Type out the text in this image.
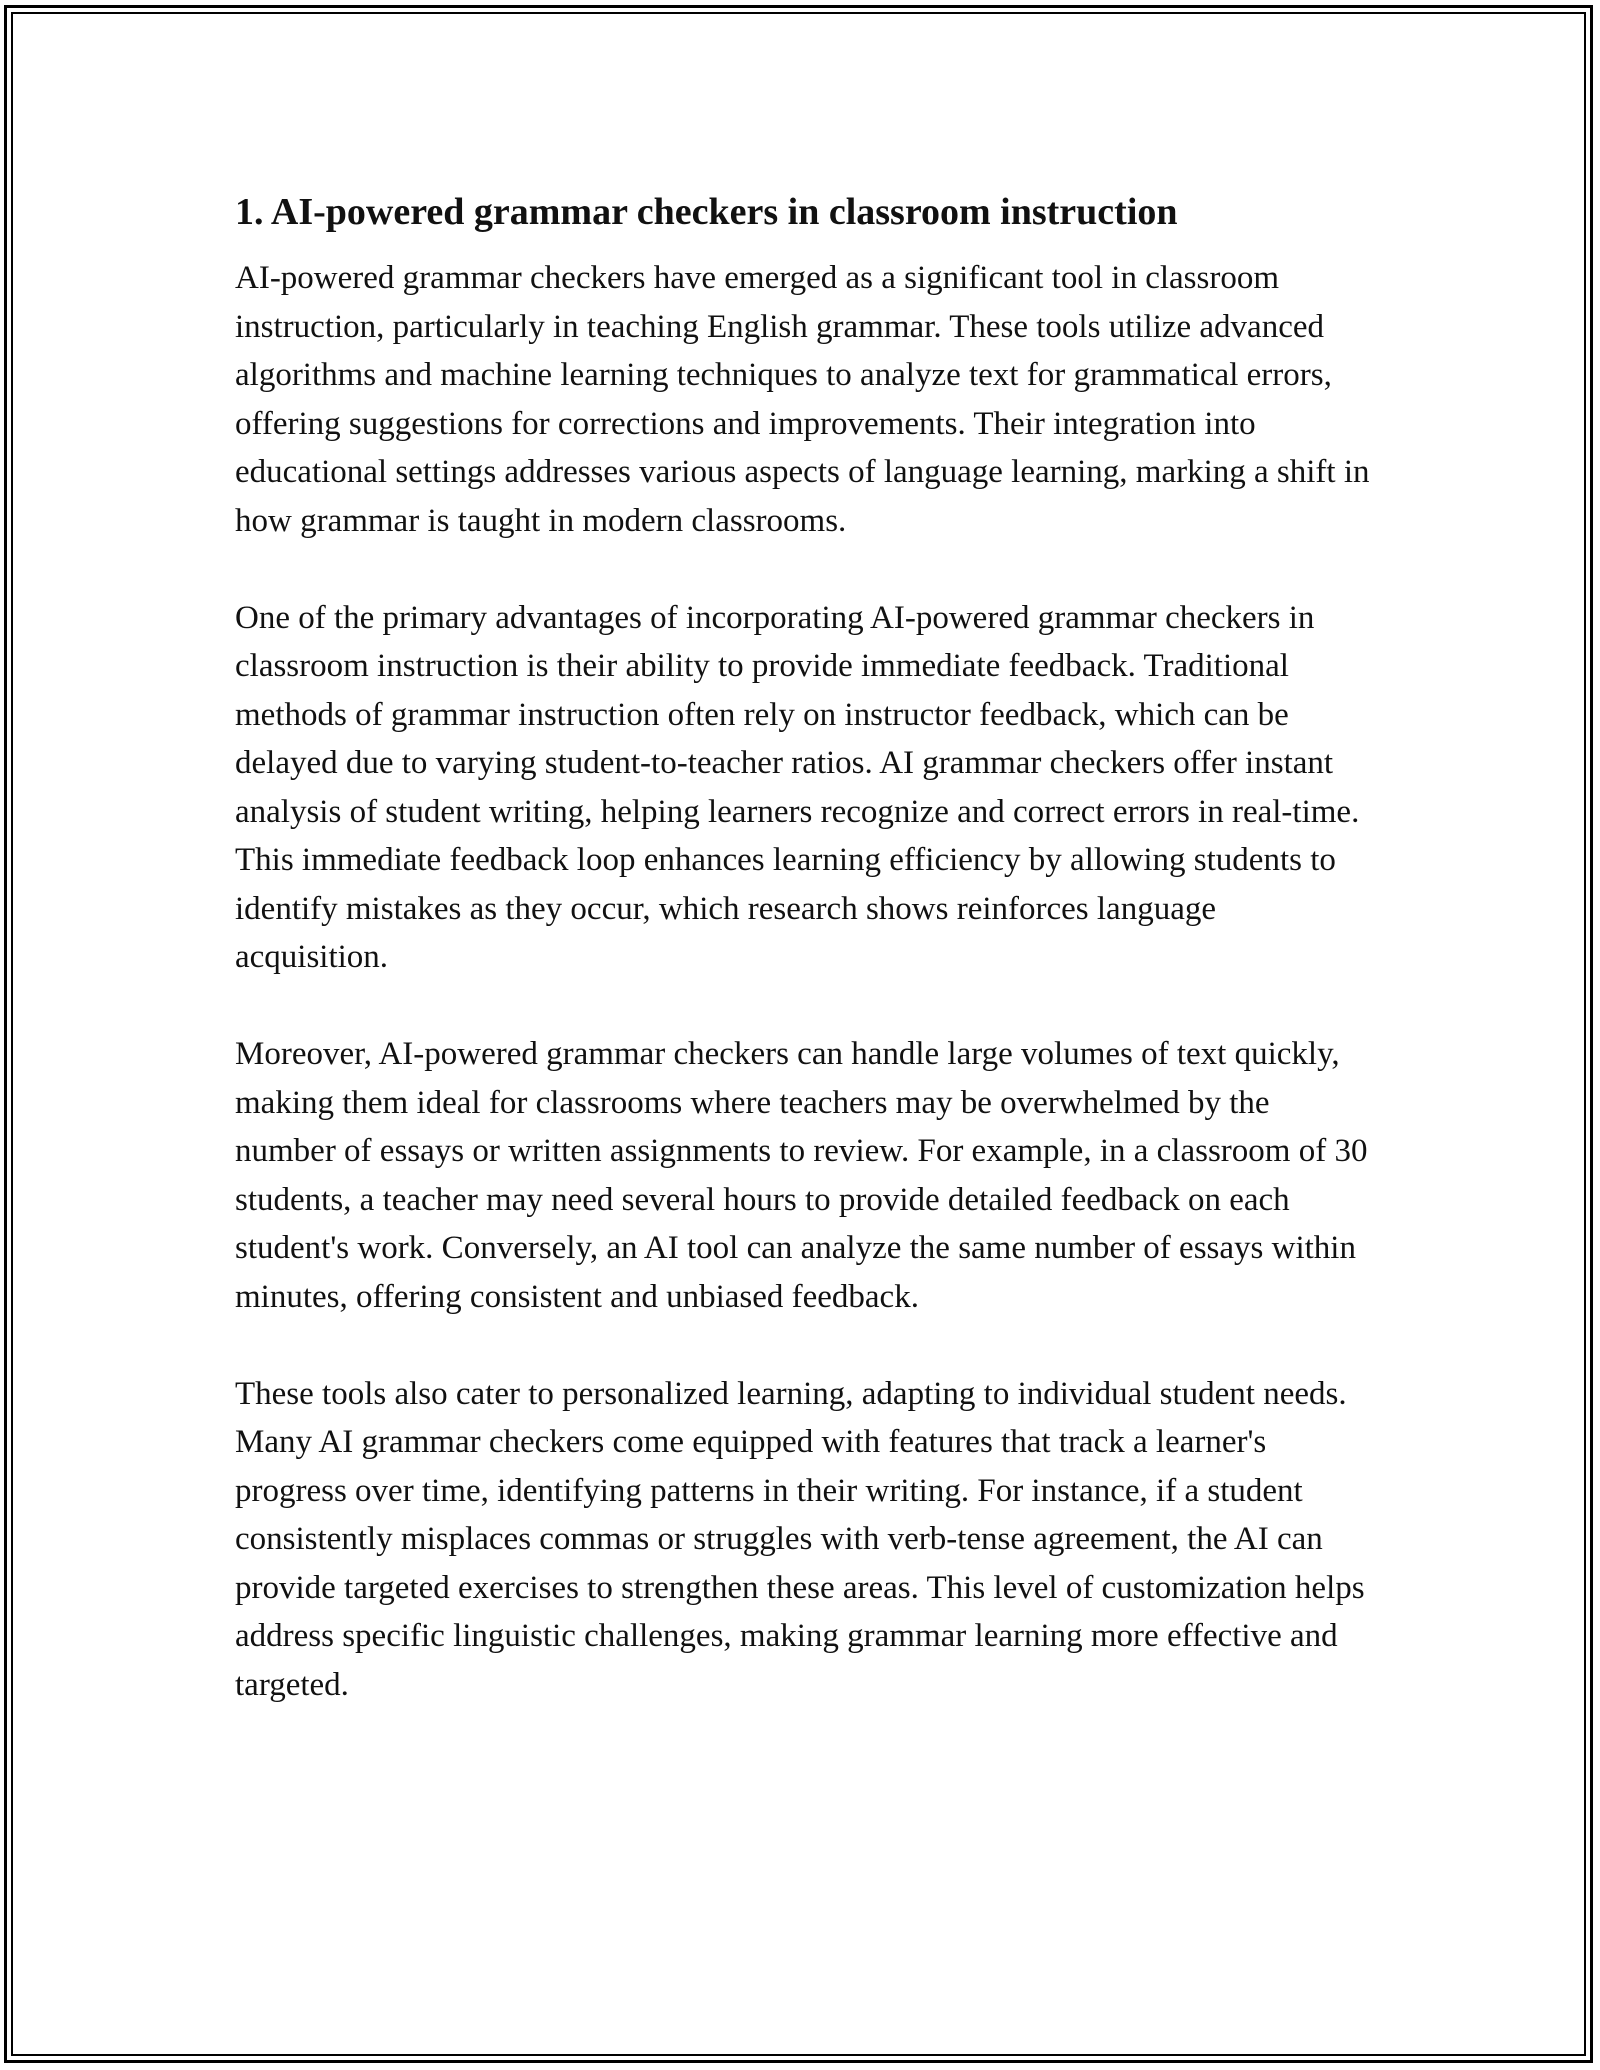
1. AI-powered grammar checkers in classroom instruction

AI-powered grammar checkers have emerged as a significant tool in classroom instruction, particularly in teaching English grammar. These tools utilize advanced algorithms and machine learning techniques to analyze text for grammatical errors, offering suggestions for corrections and improvements. Their integration into educational settings addresses various aspects of language learning, marking a shift in how grammar is taught in modern classrooms.

One of the primary advantages of incorporating AI-powered grammar checkers in classroom instruction is their ability to provide immediate feedback. Traditional methods of grammar instruction often rely on instructor feedback, which can be delayed due to varying student-to-teacher ratios. AI grammar checkers offer instant analysis of student writing, helping learners recognize and correct errors in real-time. This immediate feedback loop enhances learning efficiency by allowing students to identify mistakes as they occur, which research shows reinforces language acquisition.

Moreover, AI-powered grammar checkers can handle large volumes of text quickly, making them ideal for classrooms where teachers may be overwhelmed by the number of essays or written assignments to review. For example, in a classroom of 30 students, a teacher may need several hours to provide detailed feedback on each student's work. Conversely, an AI tool can analyze the same number of essays within minutes, offering consistent and unbiased feedback.

These tools also cater to personalized learning, adapting to individual student needs. Many AI grammar checkers come equipped with features that track a learner's progress over time, identifying patterns in their writing. For instance, if a student consistently misplaces commas or struggles with verb-tense agreement, the AI can provide targeted exercises to strengthen these areas. This level of customization helps address specific linguistic challenges, making grammar learning more effective and targeted.
